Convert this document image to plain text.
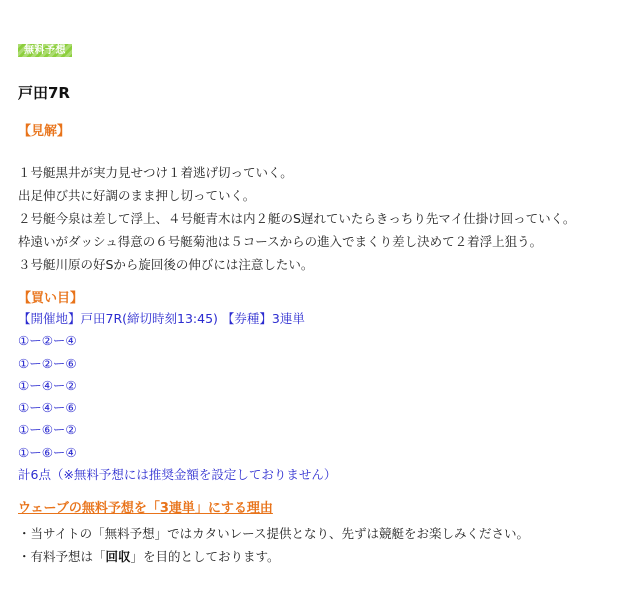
無料予想
戸田7R
【見解】
１号艇黒井が実力見せつけ１着逃げ切っていく。
出足伸び共に好調のまま押し切っていく。
２号艇今泉は差して浮上、４号艇青木は内２艇のS遅れていたらきっちり先マイ仕掛け回っていく。
枠遠いがダッシュ得意の６号艇菊池は５コースからの進入でまくり差し決めて２着浮上狙う。
３号艇川原の好Sから旋回後の伸びには注意したい。
【買い目】
【開催地】戸田7R(締切時刻13:45) 【券種】3連単
①ー②ー④
①ー②ー⑥
①ー④ー②
①ー④ー⑥
①ー⑥ー②
①ー⑥ー④
計6点（※無料予想には推奨金額を設定しておりません）
ウェーブの無料予想を「3連単」にする理由
・当サイトの「無料予想」ではカタいレース提供となり、先ずは競艇をお楽しみください。
・有料予想は「回収」を目的としております。
